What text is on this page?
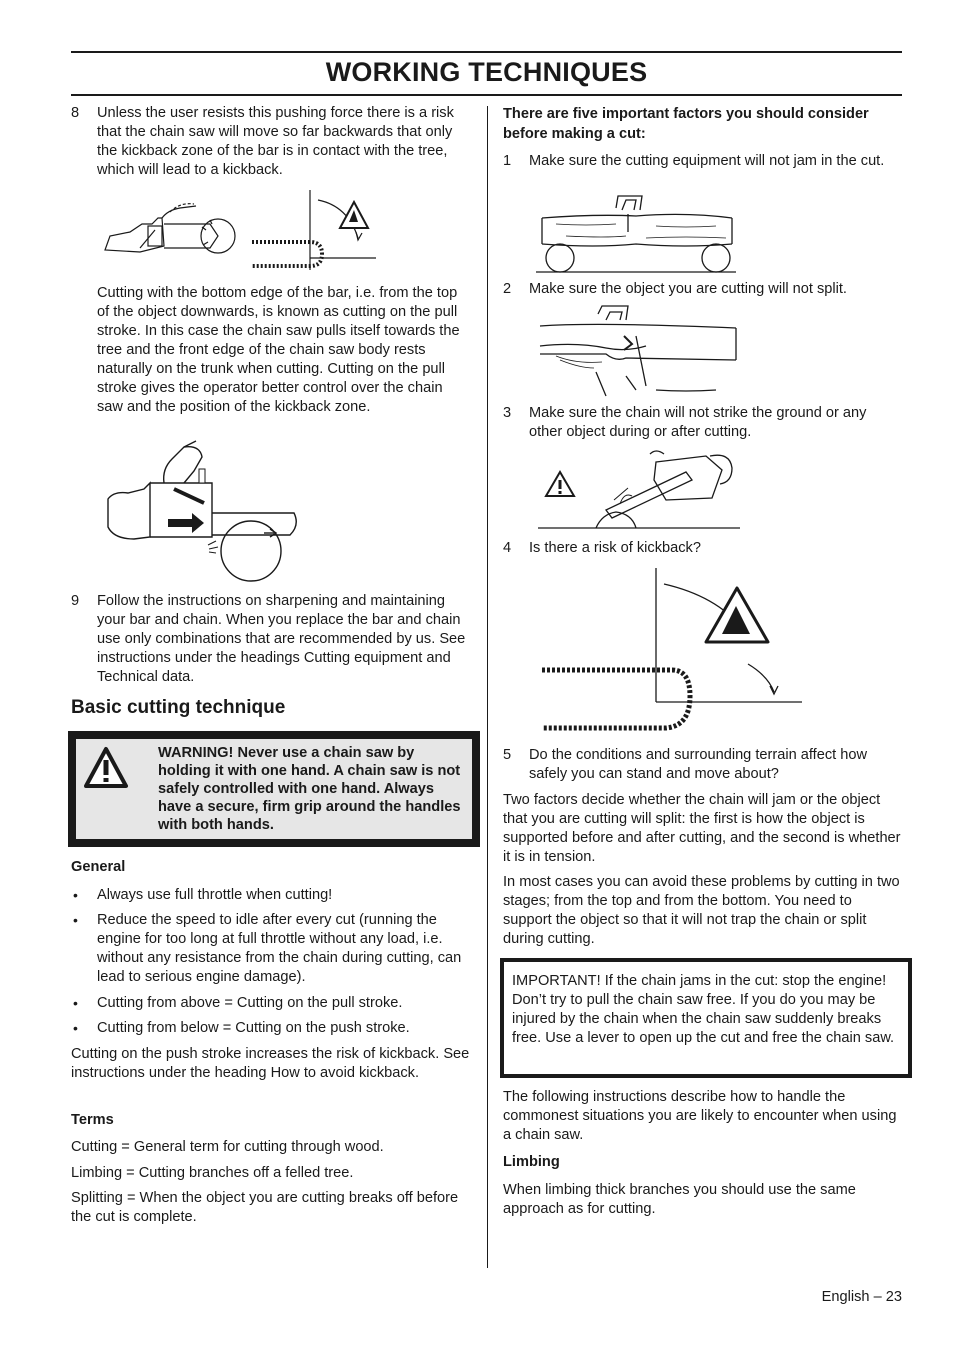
WORKING TECHNIQUES
8 Unless the user resists this pushing force there is a risk that the chain saw will move so far backwards that only the kickback zone of the bar is in contact with the tree, which will lead to a kickback.

Cutting with the bottom edge of the bar, i.e. from the top of the object downwards, is known as cutting on the pull stroke. In this case the chain saw pulls itself towards the tree and the front edge of the chain saw body rests naturally on the trunk when cutting. Cutting on the pull stroke gives the operator better control over the chain saw and the position of the kickback zone.

9 Follow the instructions on sharpening and maintaining your bar and chain. When you replace the bar and chain use only combinations that are recommended by us. See instructions under the headings Cutting equipment and Technical data.

Basic cutting technique

WARNING! Never use a chain saw by holding it with one hand. A chain saw is not safely controlled with one hand. Always have a secure, firm grip around the handles with both hands.

General
• Always use full throttle when cutting!

• Reduce the speed to idle after every cut (running the engine for too long at full throttle without any load, i.e. without any resistance from the chain during cutting, can lead to serious engine damage).

• Cutting from above = Cutting on the pull stroke.

• Cutting from below = Cutting on the push stroke.

Cutting on the push stroke increases the risk of kickback. See instructions under the heading How to avoid kickback.

Terms

Cutting = General term for cutting through wood.

Limbing = Cutting branches off a felled tree.

Splitting = When the object you are cutting breaks off before the cut is complete.

There are five important factors you should consider before making a cut:

1 Make sure the cutting equipment will not jam in the cut.

2 Make sure the object you are cutting will not split.

3 Make sure the chain will not strike the ground or any other object during or after cutting.

4 Is there a risk of kickback?

5 Do the conditions and surrounding terrain affect how safely you can stand and move about?

Two factors decide whether the chain will jam or the object that you are cutting will split: the first is how the object is supported before and after cutting, and the second is whether it is in tension.

In most cases you can avoid these problems by cutting in two stages; from the top and from the bottom. You need to support the object so that it will not trap the chain or split during cutting.

IMPORTANT! If the chain jams in the cut: stop the engine! Don’t try to pull the chain saw free. If you do you may be injured by the chain when the chain saw suddenly breaks free. Use a lever to open up the cut and free the chain saw.

The following instructions describe how to handle the commonest situations you are likely to encounter when using a chain saw.

Limbing

When limbing thick branches you should use the same approach as for cutting.

English – 23
